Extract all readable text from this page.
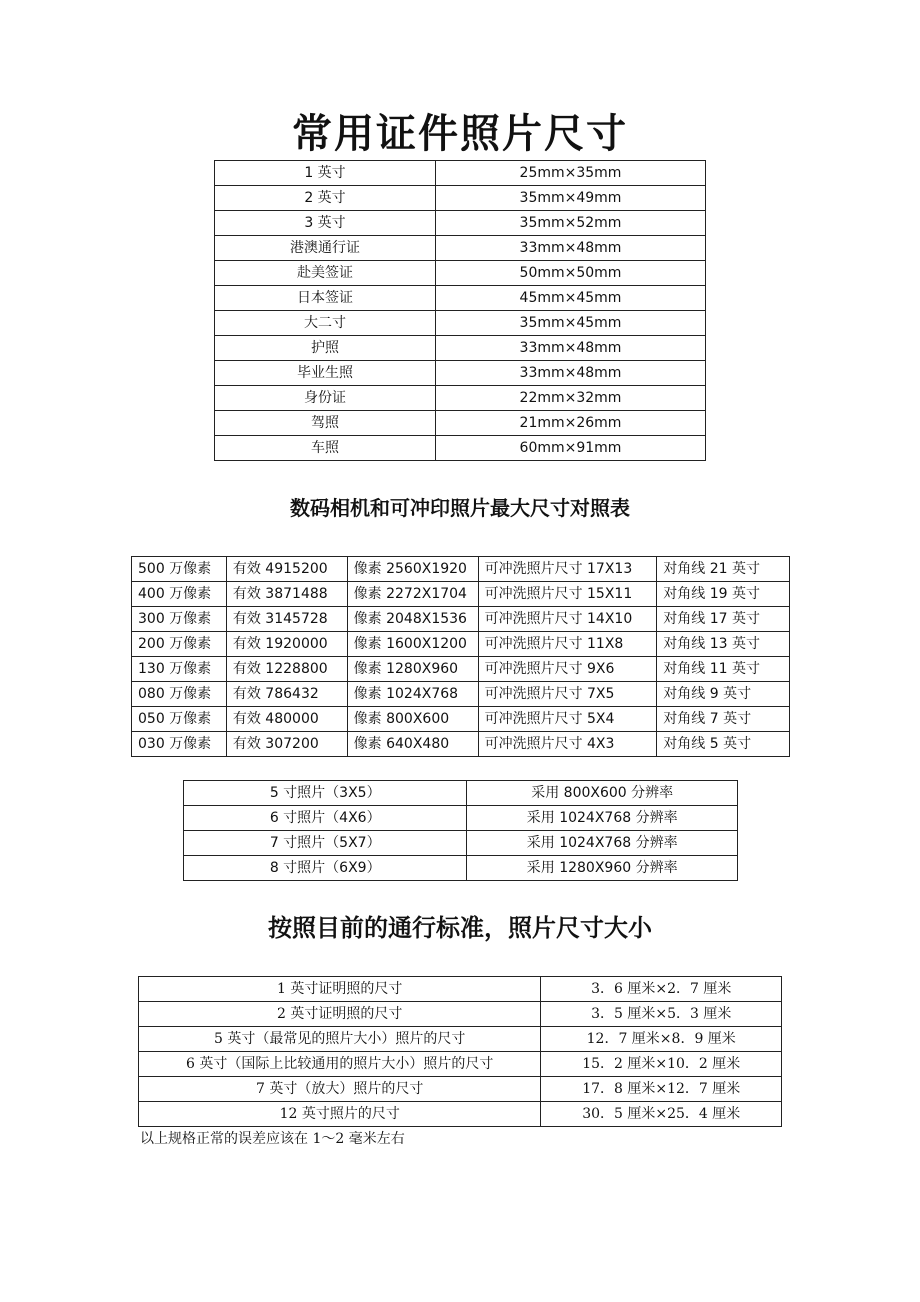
常用证件照片尺寸
1 英寸	25mm×35mm
2 英寸	35mm×49mm
3 英寸	35mm×52mm
港澳通行证	33mm×48mm
赴美签证	50mm×50mm
日本签证	45mm×45mm
大二寸	35mm×45mm
护照	33mm×48mm
毕业生照	33mm×48mm
身份证	22mm×32mm
驾照	21mm×26mm
车照	60mm×91mm
数码相机和可冲印照片最大尺寸对照表
500 万像素	有效 4915200	像素 2560X1920	可冲洗照片尺寸 17X13	对角线 21 英寸
400 万像素	有效 3871488	像素 2272X1704	可冲洗照片尺寸 15X11	对角线 19 英寸
300 万像素	有效 3145728	像素 2048X1536	可冲洗照片尺寸 14X10	对角线 17 英寸
200 万像素	有效 1920000	像素 1600X1200	可冲洗照片尺寸 11X8	对角线 13 英寸
130 万像素	有效 1228800	像素 1280X960	可冲洗照片尺寸 9X6	对角线 11 英寸
080 万像素	有效 786432	像素 1024X768	可冲洗照片尺寸 7X5	对角线 9 英寸
050 万像素	有效 480000	像素 800X600	可冲洗照片尺寸 5X4	对角线 7 英寸
030 万像素	有效 307200	像素 640X480	可冲洗照片尺寸 4X3	对角线 5 英寸
5 寸照片（3X5）	采用 800X600 分辨率
6 寸照片（4X6）	采用 1024X768 分辨率
7 寸照片（5X7）	采用 1024X768 分辨率
8 寸照片（6X9）	采用 1280X960 分辨率
按照目前的通行标准，照片尺寸大小
1 英寸证明照的尺寸	3．6 厘米×2．7 厘米
2 英寸证明照的尺寸	3．5 厘米×5．3 厘米
5 英寸（最常见的照片大小）照片的尺寸	12．7 厘米×8．9 厘米
6 英寸（国际上比较通用的照片大小）照片的尺寸	15．2 厘米×10．2 厘米
7 英寸（放大）照片的尺寸	17．8 厘米×12．7 厘米
12 英寸照片的尺寸	30．5 厘米×25．4 厘米
以上规格正常的误差应该在 1～2 毫米左右
